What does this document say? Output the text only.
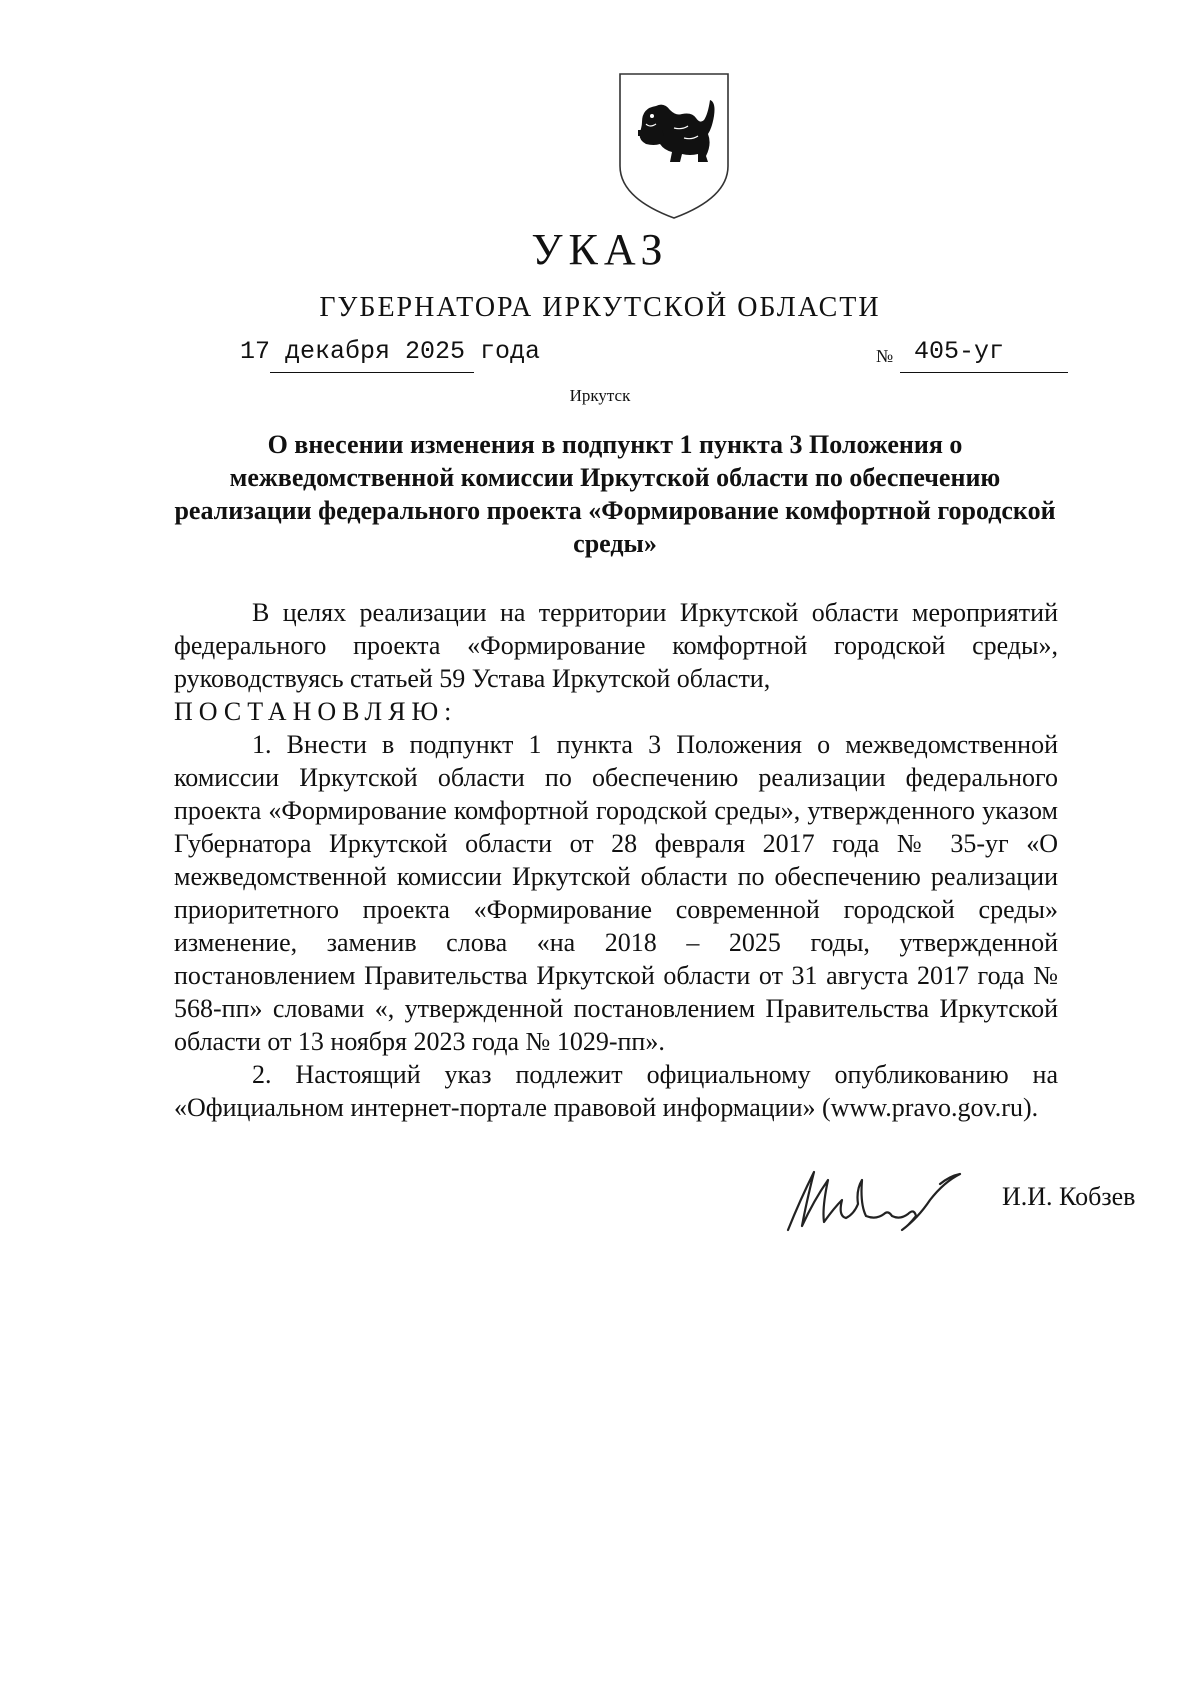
УКАЗ
ГУБЕРНАТОРА ИРКУТСКОЙ ОБЛАСТИ
17 декабря 2025 года	№ 405-уг
Иркутск
О внесении изменения в подпункт 1 пункта 3 Положения о межведомственной комиссии Иркутской области по обеспечению реализации федерального проекта «Формирование комфортной городской среды»

В целях реализации на территории Иркутской области мероприятий федерального проекта «Формирование комфортной городской среды», руководствуясь статьей 59 Устава Иркутской области,

ПОСТАНОВЛЯЮ:

1. Внести в подпункт 1 пункта 3 Положения о межведомственной комиссии Иркутской области по обеспечению реализации федерального проекта «Формирование комфортной городской среды», утвержденного указом Губернатора Иркутской области от 28 февраля 2017 года № 35-уг «О межведомственной комиссии Иркутской области по обеспечению реализации приоритетного проекта «Формирование современной городской среды» изменение, заменив слова «на 2018 – 2025 годы, утвержденной постановлением Правительства Иркутской области от 31 августа 2017 года № 568-пп» словами «, утвержденной постановлением Правительства Иркутской области от 13 ноября 2023 года № 1029-пп».

2. Настоящий указ подлежит официальному опубликованию на «Официальном интернет-портале правовой информации» (www.pravo.gov.ru).

И.И. Кобзев
